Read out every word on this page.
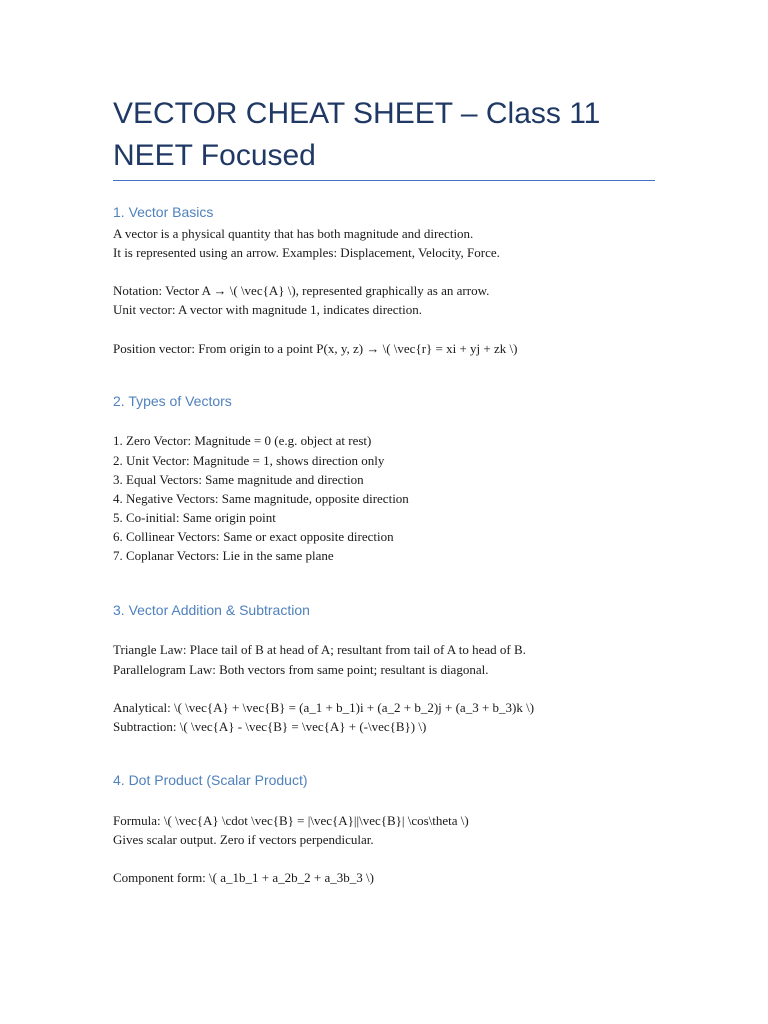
VECTOR CHEAT SHEET – Class 11 NEET Focused
1. Vector Basics

A vector is a physical quantity that has both magnitude and direction.

It is represented using an arrow. Examples: Displacement, Velocity, Force.

Notation: Vector A → \( \vec{A} \), represented graphically as an arrow.

Unit vector: A vector with magnitude 1, indicates direction.

Position vector: From origin to a point P(x, y, z) → \( \vec{r} = xi + yj + zk \)

2. Types of Vectors

1. Zero Vector: Magnitude = 0 (e.g. object at rest)

2. Unit Vector: Magnitude = 1, shows direction only

3. Equal Vectors: Same magnitude and direction

4. Negative Vectors: Same magnitude, opposite direction

5. Co-initial: Same origin point

6. Collinear Vectors: Same or exact opposite direction

7. Coplanar Vectors: Lie in the same plane

3. Vector Addition & Subtraction

Triangle Law: Place tail of B at head of A; resultant from tail of A to head of B.

Parallelogram Law: Both vectors from same point; resultant is diagonal.

Analytical: \( \vec{A} + \vec{B} = (a_1 + b_1)i + (a_2 + b_2)j + (a_3 + b_3)k \)

Subtraction: \( \vec{A} - \vec{B} = \vec{A} + (-\vec{B}) \)

4. Dot Product (Scalar Product)

Formula: \( \vec{A} \cdot \vec{B} = |\vec{A}||\vec{B}| \cos\theta \)

Gives scalar output. Zero if vectors perpendicular.

Component form: \( a_1b_1 + a_2b_2 + a_3b_3 \)
